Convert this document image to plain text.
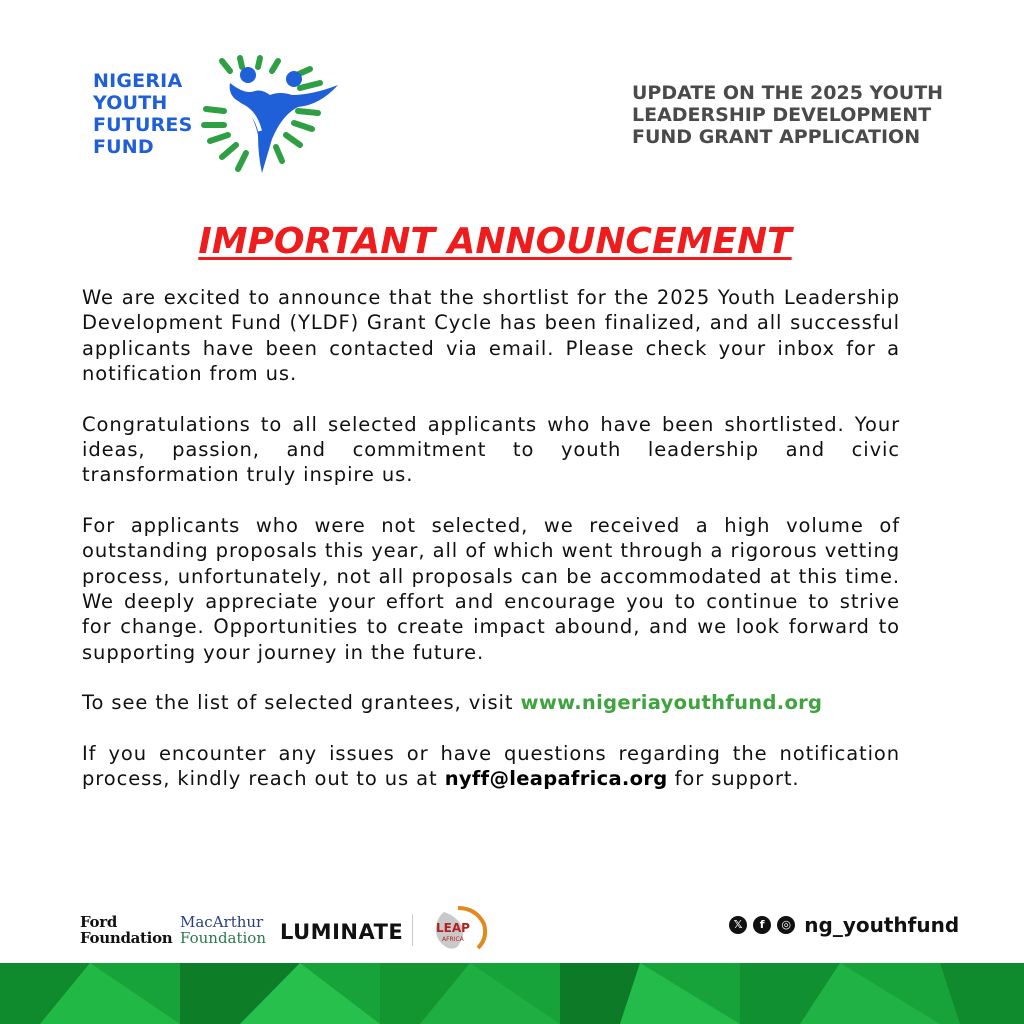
NIGERIA
YOUTH
FUTURES
FUND
UPDATE ON THE 2025 YOUTH
LEADERSHIP DEVELOPMENT
FUND GRANT APPLICATION
IMPORTANT ANNOUNCEMENT

We are excited to announce that the shortlist for the 2025 Youth Leadership Development Fund (YLDF) Grant Cycle has been finalized, and all successful applicants have been contacted via email. Please check your inbox for a notification from us.

Congratulations to all selected applicants who have been shortlisted. Your ideas, passion, and commitment to youth leadership and civic transformation truly inspire us.

For applicants who were not selected, we received a high volume of outstanding proposals this year, all of which went through a rigorous vetting process, unfortunately, not all proposals can be accommodated at this time. We deeply appreciate your effort and encourage you to continue to strive for change. Opportunities to create impact abound, and we look forward to supporting your journey in the future.

To see the list of selected grantees, visit www.nigeriayouthfund.org

If you encounter any issues or have questions regarding the notification process, kindly reach out to us at nyff@leapafrica.org for support.

Ford
Foundation
MacArthur
Foundation LUMINATE	LEAP
AFRICA
𝕏 f ◎ ng_youthfund
